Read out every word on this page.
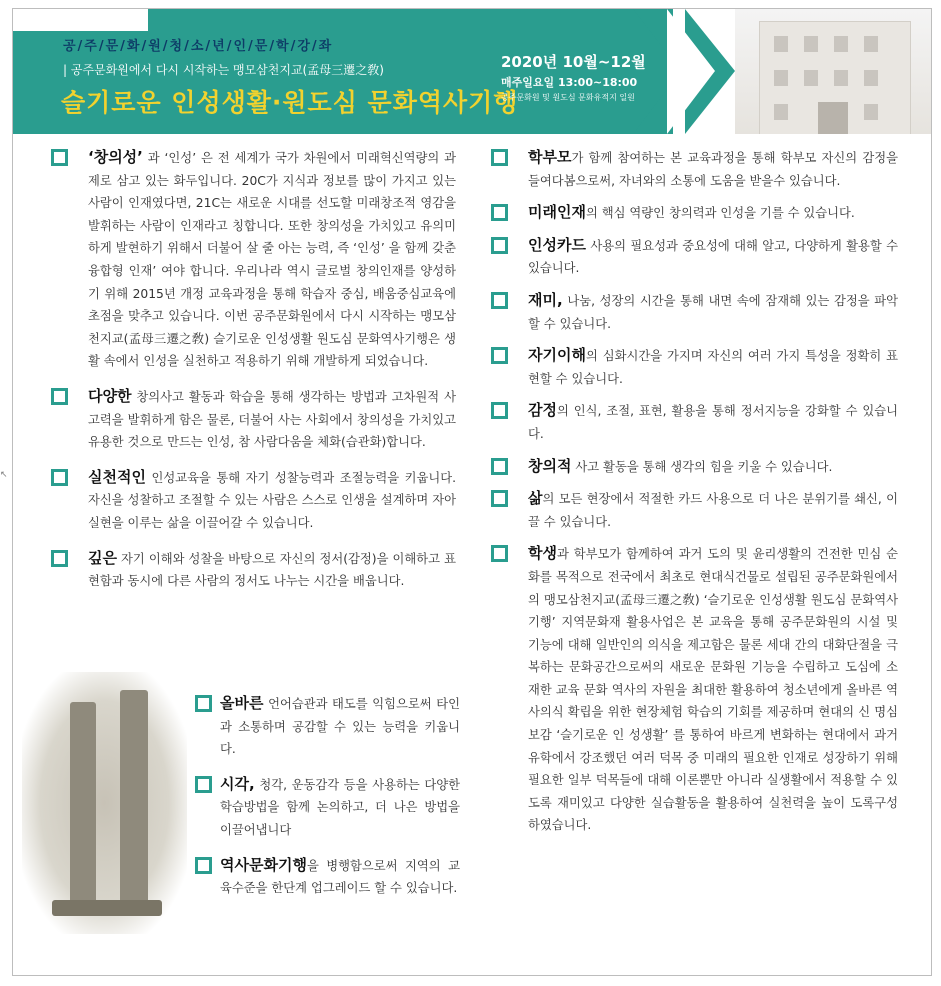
공/주/문/화/원/청/소/년/인/문/학/강/좌
| 공주문화원에서 다시 시작하는 맹모삼천지교(孟母三遷之敎)
슬기로운 인성생활·원도심 문화역사기행
2020년 10월~12월
매주일요일 13:00~18:00
공주문화원 및 원도심 문화유적지 일원
↖

‘창의성’ 과 ‘인성’ 은 전 세계가 국가 차원에서 미래혁신역량의 과제로 삼고 있는 화두입니다. 20C가 지식과 정보를 많이 가지고 있는 사람이 인재였다면, 21C는 새로운 시대를 선도할 미래창조적 영감을 발휘하는 사람이 인재라고 칭합니다. 또한 창의성을 가치있고 유의미하게 발현하기 위해서 더불어 살 줄 아는 능력, 즉 ‘인성’ 을 함께 갖춘 융합형 인재’ 여야 합니다. 우리나라 역시 글로벌 창의인재를 양성하기 위해 2015년 개정 교육과정을 통해 학습자 중심, 배움중심교육에 초점을 맞추고 있습니다. 이번 공주문화원에서 다시 시작하는 맹모삼천지교(孟母三遷之敎) 슬기로운 인성생활 원도심 문화역사기행은 생활 속에서 인성을 실천하고 적용하기 위해 개발하게 되었습니다.

다양한 창의사고 활동과 학습을 통해 생각하는 방법과 고차원적 사고력을 발휘하게 함은 물론, 더불어 사는 사회에서 창의성을 가치있고 유용한 것으로 만드는 인성, 참 사람다움을 체화(습관화)합니다.

실천적인 인성교육을 통해 자기 성찰능력과 조절능력을 키웁니다. 자신을 성찰하고 조절할 수 있는 사람은 스스로 인생을 설계하며 자아실현을 이루는 삶을 이끌어갈 수 있습니다.

깊은 자기 이해와 성찰을 바탕으로 자신의 정서(감정)을 이해하고 표현함과 동시에 다른 사람의 정서도 나누는 시간을 배웁니다.

올바른 언어습관과 태도를 익힘으로써 타인과 소통하며 공감할 수 있는 능력을 키웁니다.

시각, 청각, 운동감각 등을 사용하는 다양한 학습방법을 함께 논의하고, 더 나은 방법을 이끌어냅니다

역사문화기행을 병행함으로써 지역의 교육수준을 한단계 업그레이드 할 수 있습니다.

학부모가 함께 참여하는 본 교육과정을 통해 학부모 자신의 감정을 들여다봄으로써, 자녀와의 소통에 도움을 받을수 있습니다.

미래인재의 핵심 역량인 창의력과 인성을 기를 수 있습니다.

인성카드 사용의 필요성과 중요성에 대해 알고, 다양하게 활용할 수 있습니다.

재미, 나눔, 성장의 시간을 통해 내면 속에 잠재해 있는 감정을 파악할 수 있습니다.

자기이해의 심화시간을 가지며 자신의 여러 가지 특성을 정확히 표현할 수 있습니다.

감정의 인식, 조절, 표현, 활용을 통해 정서지능을 강화할 수 있습니다.

창의적 사고 활동을 통해 생각의 힘을 키울 수 있습니다.

삶의 모든 현장에서 적절한 카드 사용으로 더 나은 분위기를 쇄신, 이끌 수 있습니다.

학생과 학부모가 함께하여 과거 도의 및 윤리생활의 건전한 민심 순화를 목적으로 전국에서 최초로 현대식건물로 설립된 공주문화원에서의 맹모삼천지교(孟母三遷之敎) ‘슬기로운 인성생활 원도심 문화역사기행’ 지역문화재 활용사업은 본 교육을 통해 공주문화원의 시설 및 기능에 대해 일반인의 의식을 제고함은 물론 세대 간의 대화단절을 극복하는 문화공간으로써의 새로운 문화원 기능을 수립하고 도심에 소재한 교육 문화 역사의 자원을 최대한 활용하여 청소년에게 올바른 역사의식 확립을 위한 현장체험 학습의 기회를 제공하며 현대의 신 명심보감 ‘슬기로운 인 성생활’ 를 통하여 바르게 변화하는 현대에서 과거유학에서 강조했던 여러 덕목 중 미래의 필요한 인재로 성장하기 위해 필요한 일부 덕목들에 대해 이론뿐만 아니라 실생활에서 적용할 수 있도록 재미있고 다양한 실습활동을 활용하여 실천력을 높이 도록구성하였습니다.
